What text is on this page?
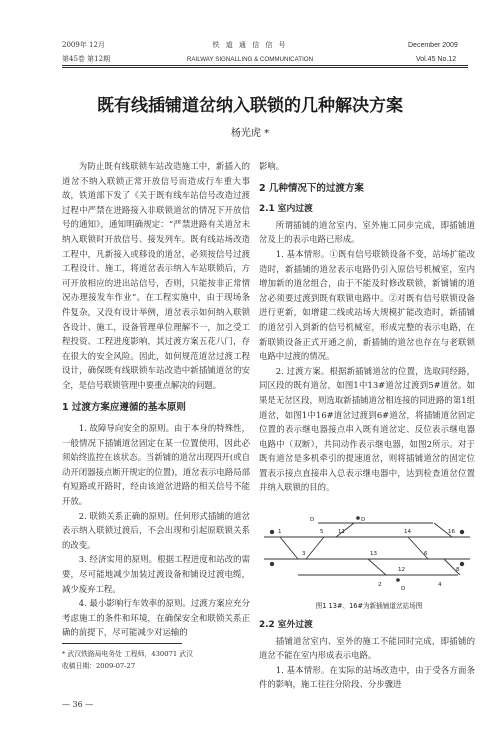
2009年 12月
第45卷 第12期
铁 道 通 信 信 号
RAILWAY SIGNALLING & COMMUNICATION
December 2009
Vol.45 No.12
既有线插铺道岔纳入联锁的几种解决方案
杨光虎 *

为防止既有线联锁车站改造施工中，新插入的道岔不纳入联锁正常开放信号而造成行车重大事故，铁道部下发了《关于既有线车站信号改造过渡过程中严禁在进路接入非联锁道岔的情况下开放信号的通知》，通知明确规定：“严禁进路有关道岔未纳入联锁时开放信号、接发列车。既有线站场改造工程中，凡新接入或移设的道岔，必须按信号过渡工程设计、施工，将道岔表示纳入车站联锁后，方可开放相应的进出站信号，否则，只能按非正常情况办理接发车作业”。在工程实施中，由于现场条件复杂，又没有设计举例，道岔表示如何纳入联锁各设计、施工，设备管理单位理解不一，加之受工程投资、工程进度影响，其过渡方案五花八门，存在很大的安全风险。因此，如何规范道岔过渡工程设计，确保既有线联锁车站改造中新插铺道岔的安全，是信号联锁管理中要重点解决的问题。

1 过渡方案应遵循的基本原则

1. 故障导向安全的原则。由于本身的特殊性，一般情况下插铺道岔固定在某一位置使用，因此必须始终监控在该状态。当新铺的道岔出现四开(或自动开闭器接点断开规定的位置)，道岔表示电路局部有短路或开路时，经由该道岔进路的相关信号不能开放。

2. 联锁关系正确的原则。任何形式插铺的道岔表示纳入联锁过渡后，不会出现和引起原联锁关系的改变。

3. 经济实用的原则。根据工程进度和站改的需要，尽可能地减少加装过渡设备和铺设过渡电缆，减少废弃工程。

4. 最小影响行车效率的原则。过渡方案应充分考虑施工的条件和环境，在确保安全和联锁关系正确的前提下，尽可能减少对运输的

影响。

2 几种情况下的过渡方案
2.1 室内过渡

所谓插铺的道岔室内、室外施工同步完成，即插铺道岔及上的表示电路已形成。

1. 基本情形。①既有信号联锁设备不变，站场扩能改造时，新插铺的道岔表示电路仍引入原信号机械室，室内增加新的道岔组合，由于不能及时修改联锁，新铺铺的道岔必须要过渡到既有联锁电路中。②对既有信号联锁设备进行更新，如增建二线或站场大规模扩能改造时，新插铺的道岔引入到新的信号机械室，形成完整的表示电路，在新联锁设备正式开通之前，新插铺的道岔也存在与老联锁电路中过渡的情况。

2. 过渡方案。根据新插铺道岔的位置，选取同经路，同区段的既有道岔，如图1中13#道岔过渡到5#道岔。如果是无岔区段，则选取新插铺道岔相连接的同进路的第1组道岔，如图1中16#道岔过渡到6#道岔，将插铺道岔固定位置的表示继电器接点串入既有道岔定、反位表示继电器电路中（双断），共同动作表示继电器，如图2所示。对于既有道岔是多机牵引的提速道岔，则将插铺道岔的固定位置表示接点直接串入总表示继电器中，达到检查道岔位置并纳入联锁的目的。

1
3
5	11
13
14	16
6
8
2	4
12
D
D
D
图1 13#、16#为新插铺道岔站场图
2.2 室外过渡

插铺道岔室内、室外的施工不能同时完成，即插铺的道岔不能在室内形成表示电路。

1. 基本情形。在实际的站场改造中，由于受各方面条件的影响，施工往往分阶段、分步骤进

* 武汉铁路局电务处 工程师，430071 武汉
收稿日期：2009-07-27
— 36 —
